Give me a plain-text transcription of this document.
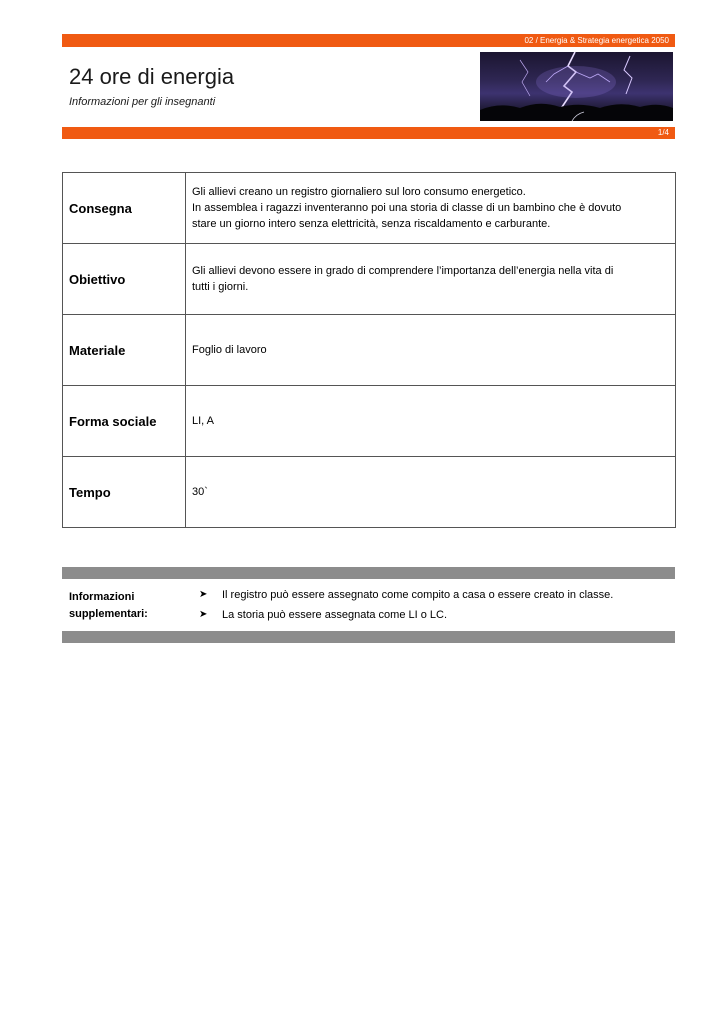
02 / Energia & Strategia energetica 2050
24 ore di energia
Informazioni per gli insegnanti
1/4
Consegna	Gli allievi creano un registro giornaliero sul loro consumo energetico.
In assemblea i ragazzi inventeranno poi una storia di classe di un bambino che è dovuto
stare un giorno intero senza elettricità, senza riscaldamento e carburante.

Obiettivo	Gli allievi devono essere in grado di comprendere l’importanza dell’energia nella vita di
tutti i giorni.

Materiale	Foglio di lavoro

Forma sociale	LI, A

Tempo	30`
Informazioni
supplementari:
➤ Il registro può essere assegnato come compito a casa o essere creato in classe.
➤ La storia può essere assegnata come LI o LC.
